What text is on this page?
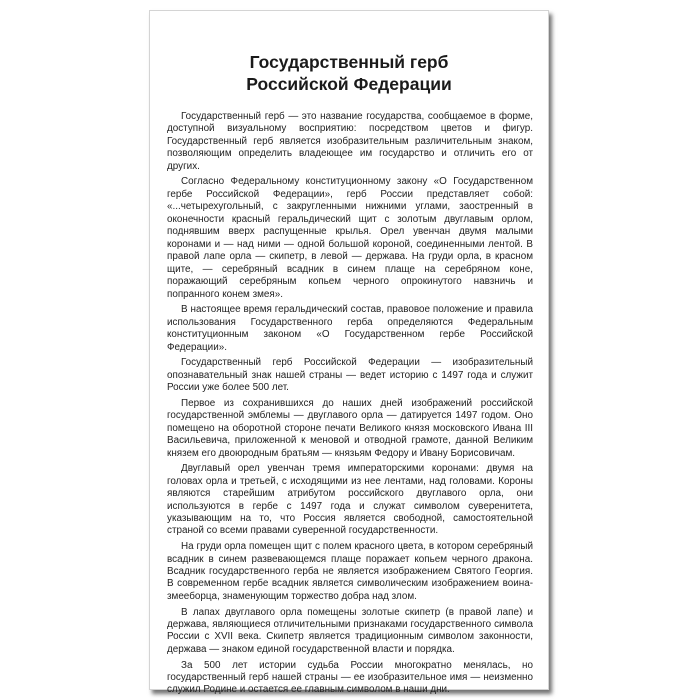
Государственный герб
Российской Федерации

Государственный герб — это название государства, сообщаемое в форме, доступной визуальному восприятию: посредством цветов и фигур. Государственный герб является изобразительным различительным знаком, позволяющим определить владеющее им государство и отличить его от других.

Согласно Федеральному конституционному закону «О Государственном гербе Российской Федерации», герб России представляет собой: «...четырехугольный, с закругленными нижними углами, заостренный в оконечности красный геральдический щит с золотым двуглавым орлом, поднявшим вверх распущенные крылья. Орел увенчан двумя малыми коронами и — над ними — одной большой короной, соединенными лентой. В правой лапе орла — скипетр, в левой — держава. На груди орла, в красном щите, — серебряный всадник в синем плаще на серебряном коне, поражающий серебряным копьем черного опрокинутого навзничь и попранного конем змея».

В настоящее время геральдический состав, правовое положение и правила использования Государственного герба определяются Федеральным конституционным законом «О Государственном гербе Российской Федерации».

Государственный герб Российской Федерации — изобразительный опознавательный знак нашей страны — ведет историю с 1497 года и служит России уже более 500 лет.

Первое из сохранившихся до наших дней изображений российской государственной эмблемы — двуглавого орла — датируется 1497 годом. Оно помещено на оборотной стороне печати Великого князя московского Ивана III Васильевича, приложенной к меновой и отводной грамоте, данной Великим князем его двоюродным братьям — князьям Федору и Ивану Борисовичам.

Двуглавый орел увенчан тремя императорскими коронами: двумя на головах орла и третьей, с исходящими из нее лентами, над головами. Короны являются старейшим атрибутом российского двуглавого орла, они используются в гербе с 1497 года и служат символом суверенитета, указывающим на то, что Россия является свободной, самостоятельной страной со всеми правами суверенной государственности.

На груди орла помещен щит с полем красного цвета, в котором серебряный всадник в синем развевающемся плаще поражает копьем черного дракона. Всадник государственного герба не является изображением Святого Георгия. В современном гербе всадник является символическим изображением воина-змееборца, знаменующим торжество добра над злом.

В лапах двуглавого орла помещены золотые скипетр (в правой лапе) и держава, являющиеся отличительными признаками государственного символа России с XVII века. Скипетр является традиционным символом законности, держава — знаком единой государственной власти и порядка.

За 500 лет истории судьба России многократно менялась, но государственный герб нашей страны — ее изобразительное имя — неизменно служил Родине и остается ее главным символом в наши дни.
